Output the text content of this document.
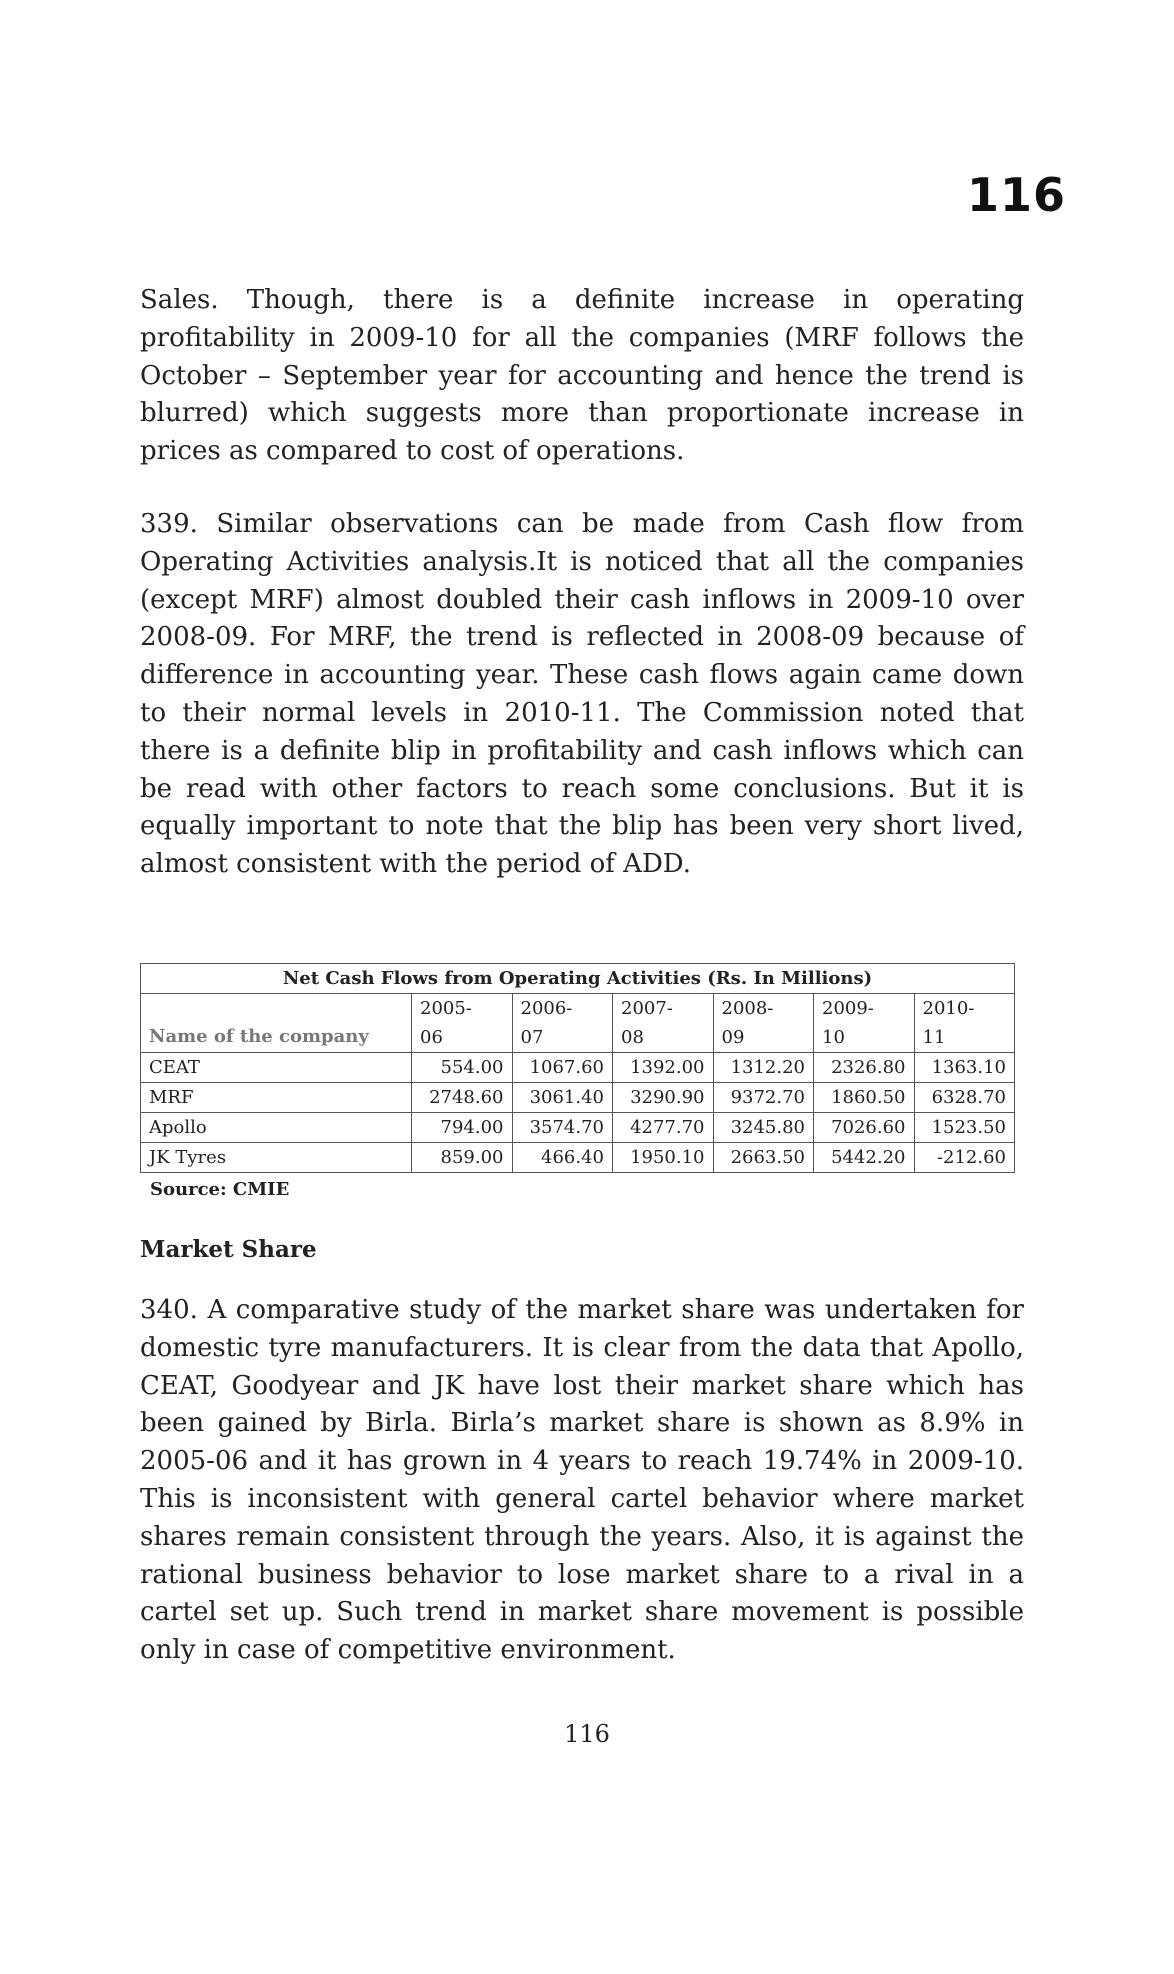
116

Sales. Though, there is a definite increase in operating profitability in 2009-10 for all the companies (MRF follows the October – September year for accounting and hence the trend is blurred) which suggests more than proportionate increase in prices as compared to cost of operations.

339. Similar observations can be made from Cash flow from Operating Activities analysis.It is noticed that all the companies (except MRF) almost doubled their cash inflows in 2009-10 over 2008-09. For MRF, the trend is reflected in 2008-09 because of difference in accounting year. These cash flows again came down to their normal levels in 2010-11. The Commission noted that there is a definite blip in profitability and cash inflows which can be read with other factors to reach some conclusions. But it is equally important to note that the blip has been very short lived, almost consistent with the period of ADD.

Net Cash Flows from Operating Activities (Rs. In Millions)						
Name of the company	2005-	2006-	2007-	2008-	2009-	2010-
	06	07	08	09	10	11
CEAT	554.00	1067.60	1392.00	1312.20	2326.80	1363.10
MRF	2748.60	3061.40	3290.90	9372.70	1860.50	6328.70
Apollo	794.00	3574.70	4277.70	3245.80	7026.60	1523.50
JK Tyres	859.00	466.40	1950.10	2663.50	5442.20	-212.60
Source: CMIE
Market Share

340. A comparative study of the market share was undertaken for domestic tyre manufacturers. It is clear from the data that Apollo, CEAT, Goodyear and JK have lost their market share which has been gained by Birla. Birla’s market share is shown as 8.9% in 2005-06 and it has grown in 4 years to reach 19.74% in 2009-10. This is inconsistent with general cartel behavior where market shares remain consistent through the years. Also, it is against the rational business behavior to lose market share to a rival in a cartel set up. Such trend in market share movement is possible only in case of competitive environment.

116
